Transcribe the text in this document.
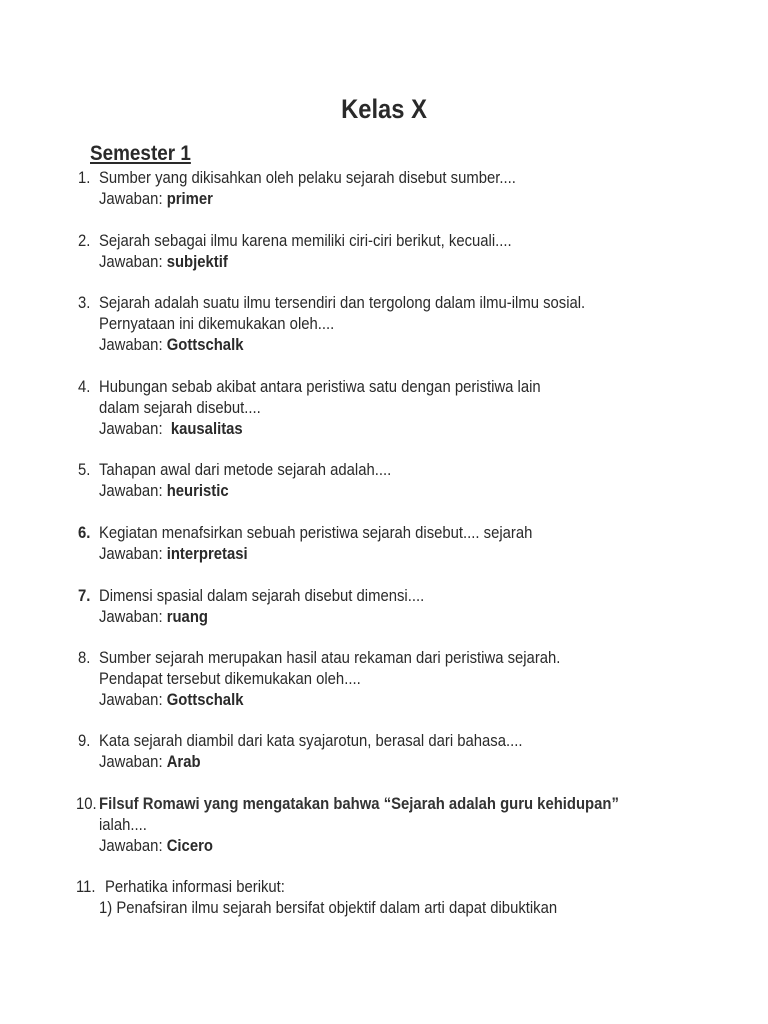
Kelas X
Semester 1
1. Sumber yang dikisahkan oleh pelaku sejarah disebut sumber....
Jawaban: primer
2. Sejarah sebagai ilmu karena memiliki ciri-ciri berikut, kecuali....
Jawaban: subjektif
3. Sejarah adalah suatu ilmu tersendiri dan tergolong dalam ilmu-ilmu sosial.
Pernyataan ini dikemukakan oleh....
Jawaban: Gottschalk
4. Hubungan sebab akibat antara peristiwa satu dengan peristiwa lain
dalam sejarah disebut....
Jawaban: kausalitas
5. Tahapan awal dari metode sejarah adalah....
Jawaban: heuristic
6. Kegiatan menafsirkan sebuah peristiwa sejarah disebut.... sejarah
Jawaban: interpretasi
7. Dimensi spasial dalam sejarah disebut dimensi....
Jawaban: ruang
8. Sumber sejarah merupakan hasil atau rekaman dari peristiwa sejarah.
Pendapat tersebut dikemukakan oleh....
Jawaban: Gottschalk
9. Kata sejarah diambil dari kata syajarotun, berasal dari bahasa....
Jawaban: Arab
10. Filsuf Romawi yang mengatakan bahwa “Sejarah adalah guru kehidupan”
ialah....
Jawaban: Cicero
11. Perhatika informasi berikut:
1) Penafsiran ilmu sejarah bersifat objektif dalam arti dapat dibuktikan
